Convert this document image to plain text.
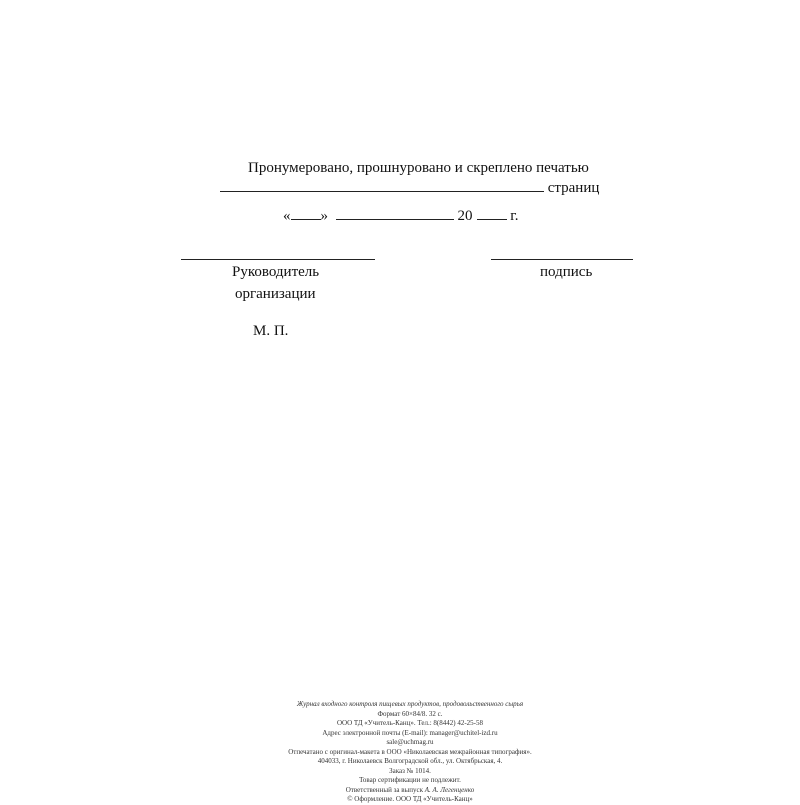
Пронумеровано, прошнуровано и скреплено печатью
страниц
« »	20	г.
Руководитель
организации
подпись
М. П.
Журнал входного контроля пищевых продуктов, продовольственного сырья
Формат 60×84/8. 32 с.
ООО ТД «Учитель-Канц». Тел.: 8(8442) 42-25-58
Адрес электронной почты (E-mail): manager@uchitel-izd.ru
sale@uchmag.ru
Отпечатано с оригинал-макета в ООО «Николаевская межрайонная типография».
404033, г. Николаевск Волгоградской обл., ул. Октябрьская, 4.
Заказ № 1014.
Товар сертификации не подлежит.
Ответственный за выпуск А. А. Легенценко
© Оформление. ООО ТД «Учитель-Канц»
